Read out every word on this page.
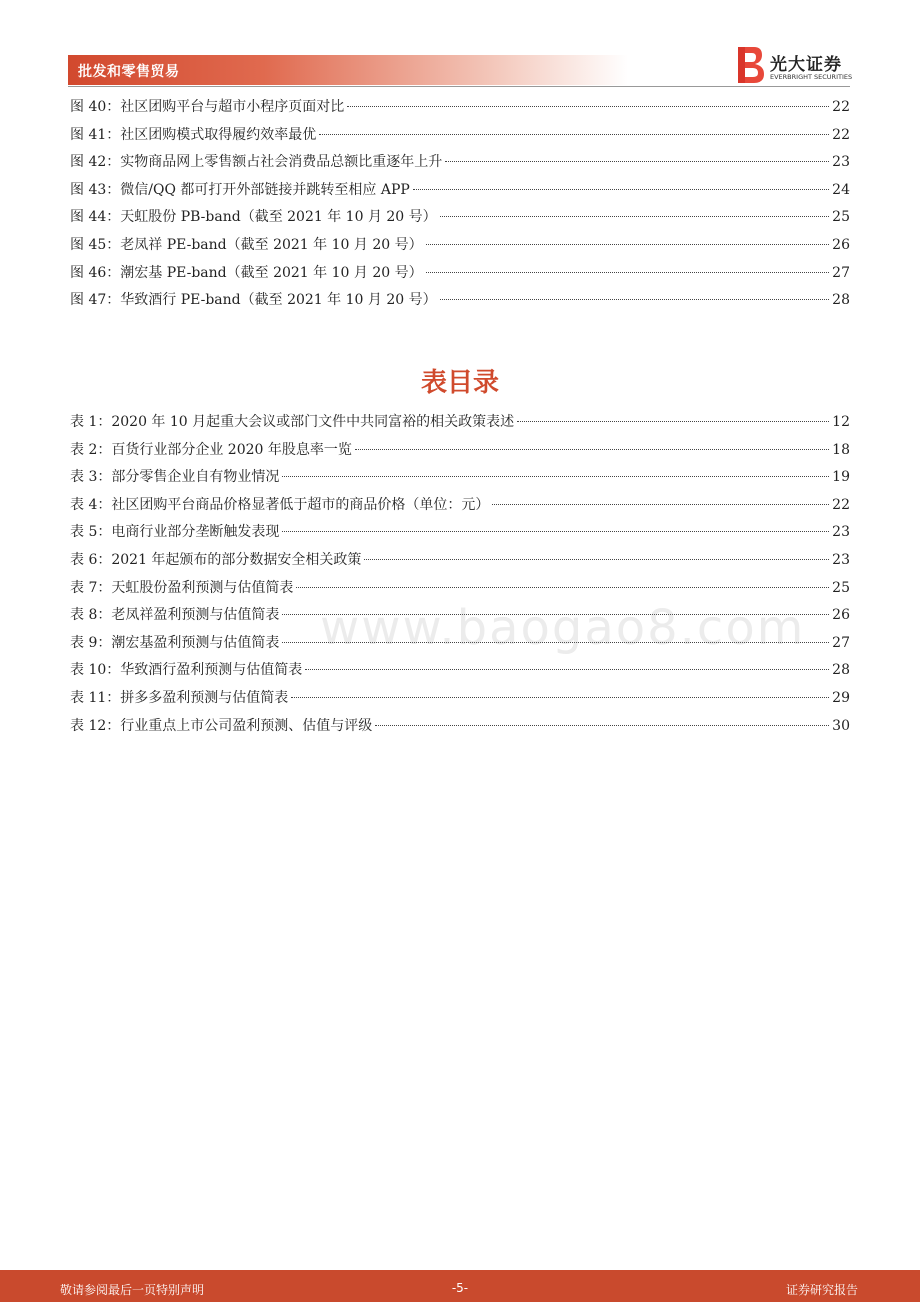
批发和零售贸易	光大证券
EVERBRIGHT SECURITIES
图 40：社区团购平台与超市小程序页面对比	22
图 41：社区团购模式取得履约效率最优	22
图 42：实物商品网上零售额占社会消费品总额比重逐年上升	23
图 43：微信/QQ 都可打开外部链接并跳转至相应 APP	24
图 44：天虹股份 PB-band（截至 2021 年 10 月 20 号）	25
图 45：老凤祥 PE-band（截至 2021 年 10 月 20 号）	26
图 46：潮宏基 PE-band（截至 2021 年 10 月 20 号）	27
图 47：华致酒行 PE-band（截至 2021 年 10 月 20 号）	28
表目录
表 1：2020 年 10 月起重大会议或部门文件中共同富裕的相关政策表述	12
表 2：百货行业部分企业 2020 年股息率一览	18
表 3：部分零售企业自有物业情况	19
表 4：社区团购平台商品价格显著低于超市的商品价格（单位：元）	22
表 5：电商行业部分垄断触发表现	23
表 6：2021 年起颁布的部分数据安全相关政策	23
表 7：天虹股份盈利预测与估值简表	25
表 8：老凤祥盈利预测与估值简表	26
表 9：潮宏基盈利预测与估值简表	27
表 10：华致酒行盈利预测与估值简表	28
表 11：拼多多盈利预测与估值简表	29
表 12：行业重点上市公司盈利预测、估值与评级	30
www.baogao8.com
敬请参阅最后一页特别声明	-5-	证券研究报告
